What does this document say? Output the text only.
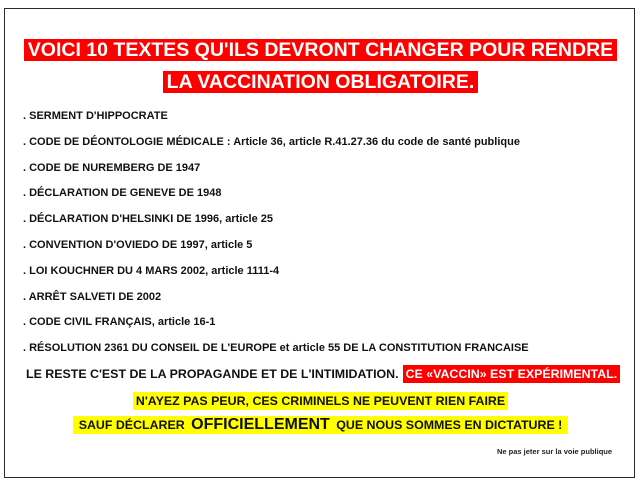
VOICI 10 TEXTES QU'ILS DEVRONT CHANGER POUR RENDRE
LA VACCINATION OBLIGATOIRE.
. SERMENT D'HIPPOCRATE
. CODE DE DÉONTOLOGIE MÉDICALE : Article 36, article R.41.27.36 du code de santé publique
. CODE DE NUREMBERG DE 1947
. DÉCLARATION DE GENEVE DE 1948
. DÉCLARATION D'HELSINKI DE 1996, article 25
. CONVENTION D'OVIEDO DE 1997, article 5
. LOI KOUCHNER DU 4 MARS 2002, article 1111-4
. ARRÊT SALVETI DE 2002
. CODE CIVIL FRANÇAIS, article 16-1
. RÉSOLUTION 2361 DU CONSEIL DE L'EUROPE et article 55 DE LA CONSTITUTION FRANCAISE
LE RESTE C'EST DE LA PROPAGANDE ET DE L'INTIMIDATION. CE «VACCIN» EST EXPÉRIMENTAL.
N'AYEZ PAS PEUR, CES CRIMINELS NE PEUVENT RIEN FAIRE
SAUF DÉCLARER OFFICIELLEMENT QUE NOUS SOMMES EN DICTATURE !
Ne pas jeter sur la voie publique
